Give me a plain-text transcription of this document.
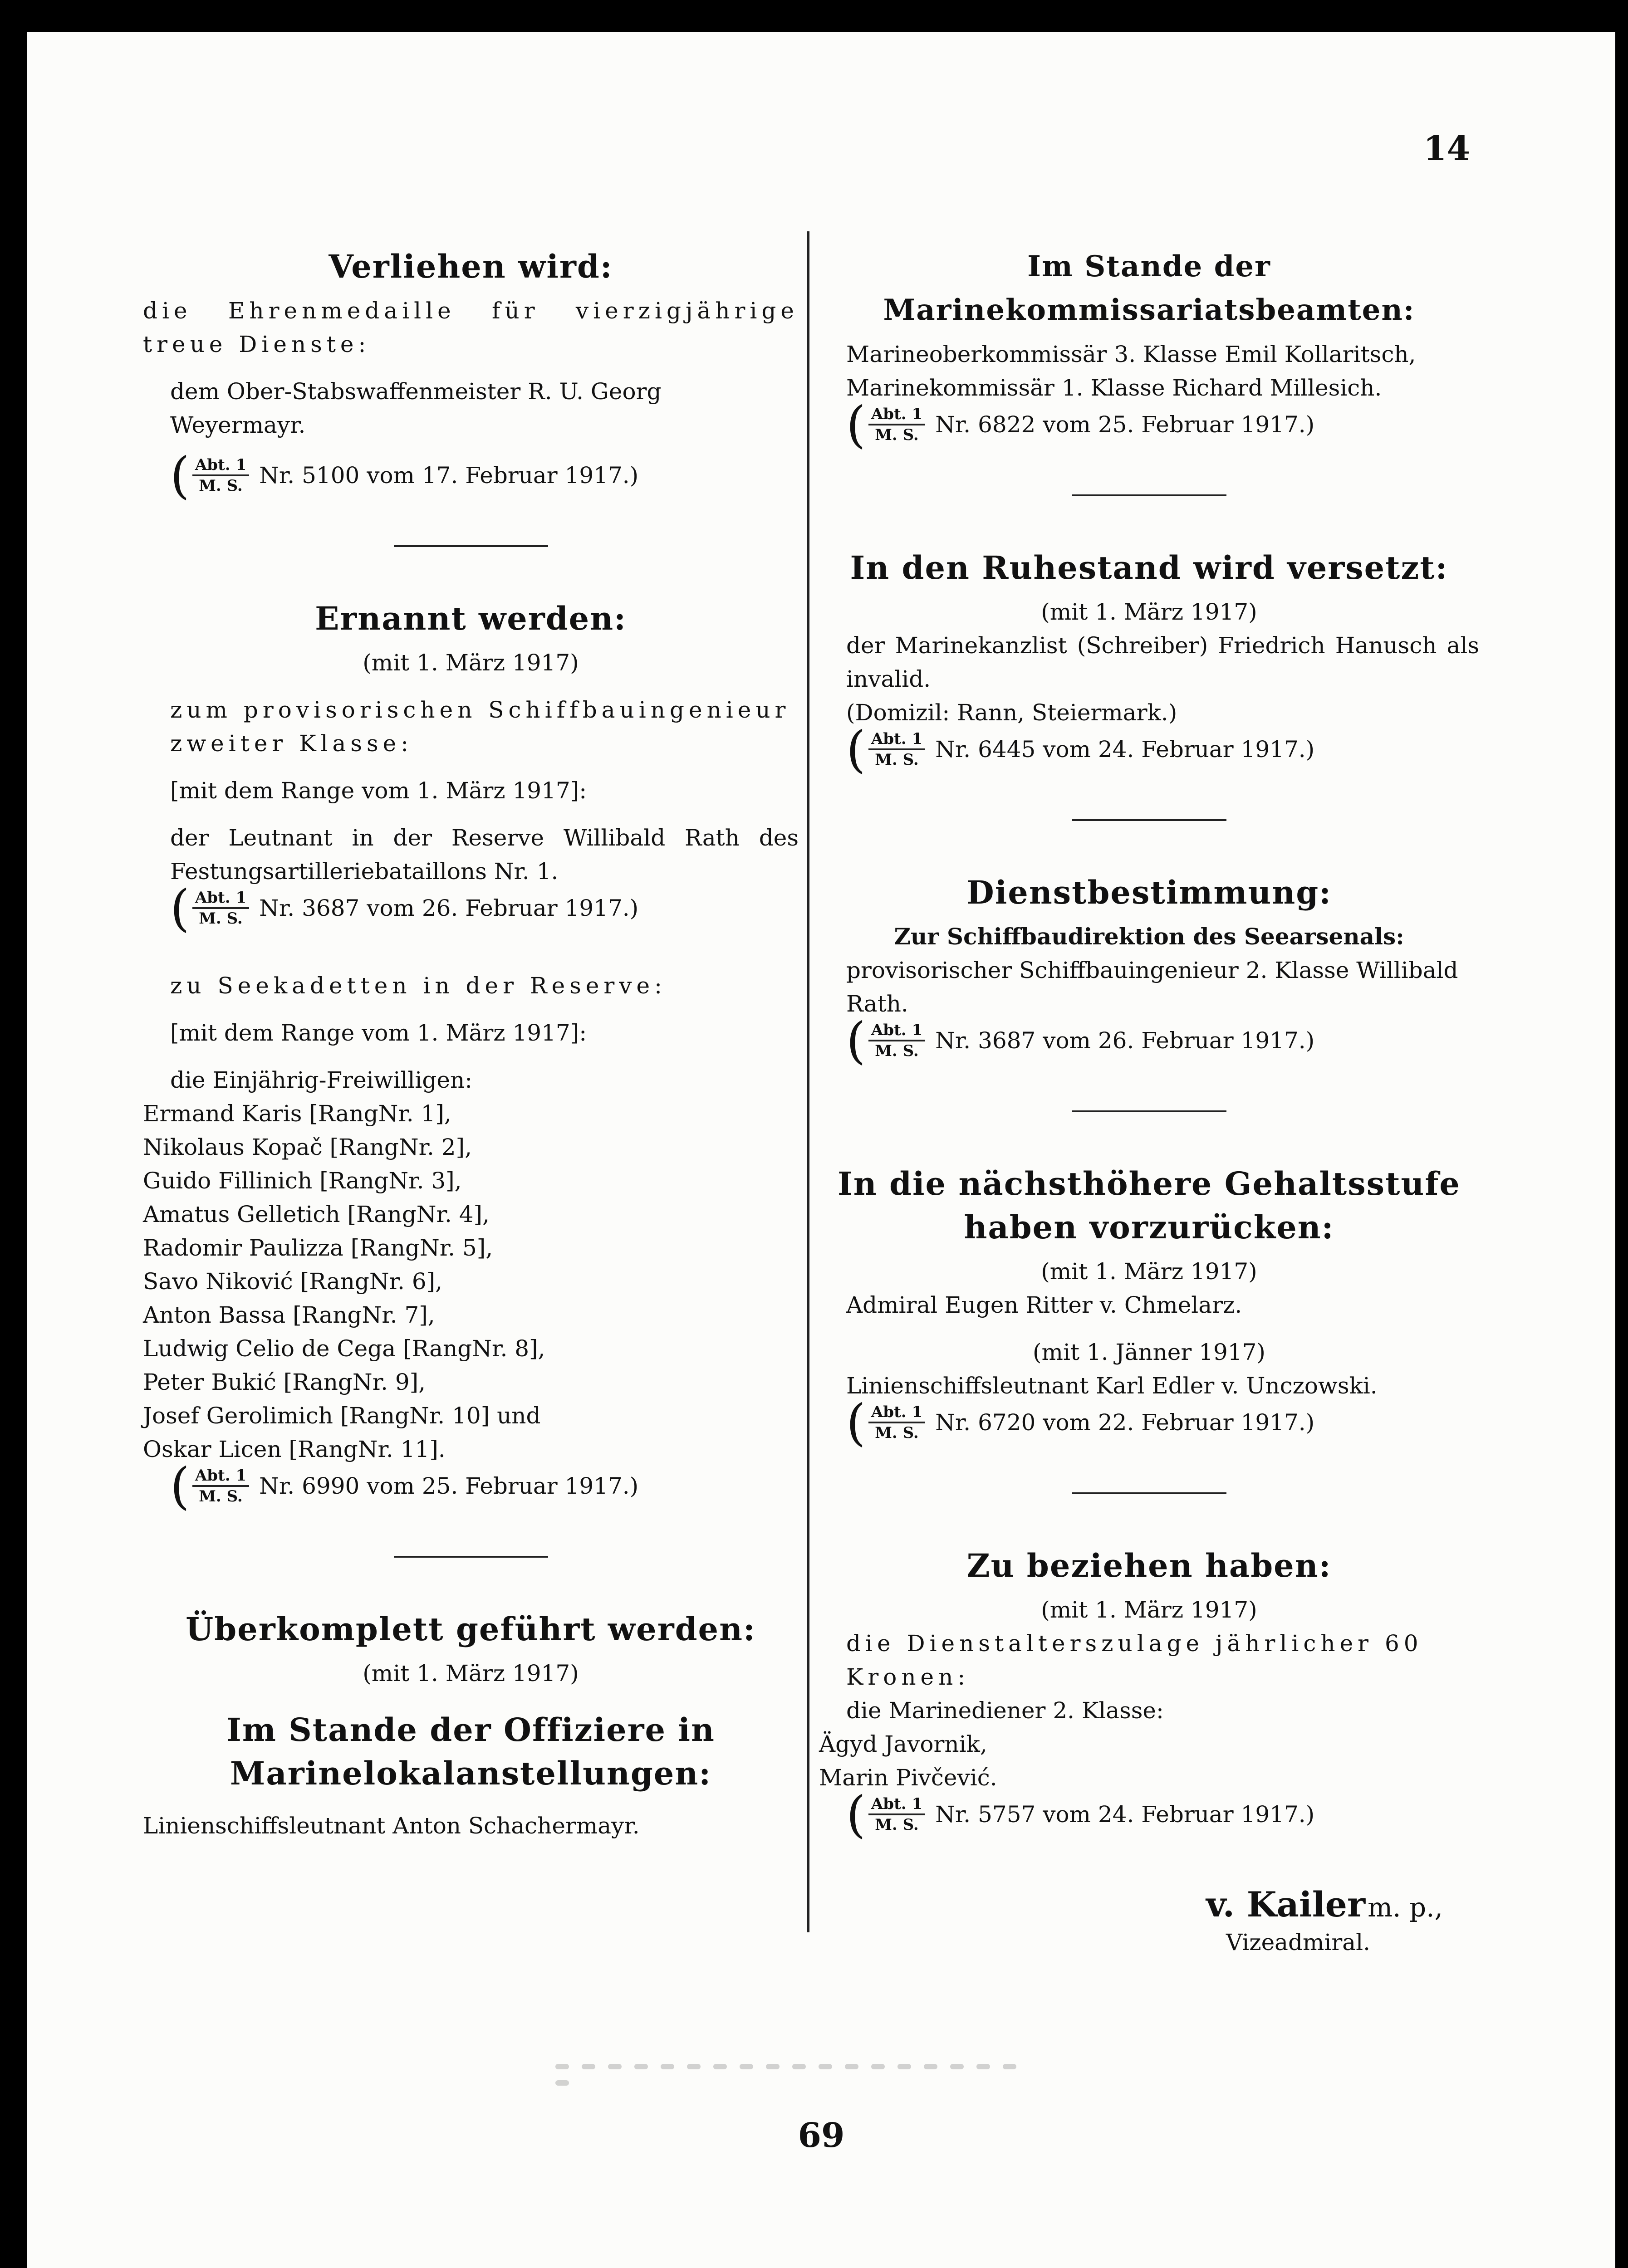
14
Verliehen wird:

die Ehrenmedaille für vierzigjährige treue Dienste:

dem Ober-Stabswaffenmeister R. U. Georg Weyermayr.

( $\frac{\text{Abt. 1}}{M. S.} Nr$. 5100 vom 17. Februar 1917.)
Ernannt werden:
(mit 1. März 1917)

zum provisorischen Schiffbauingenieur zweiter Klasse:

[mit dem Range vom 1. März 1917]:

der Leutnant in der Reserve Willibald Rath des Festungsartilleriebataillons Nr. 1.

( $\frac{\text{Abt. 1}}{M. S.} Nr$. 3687 vom 26. Februar 1917.)

zu Seekadetten in der Reserve:

[mit dem Range vom 1. März 1917]:

die Einjährig-Freiwilligen:

Ermand Karis [RangNr. 1],

Nikolaus Kopač [RangNr. 2],

Guido Fillinich [RangNr. 3],

Amatus Gelletich [RangNr. 4],

Radomir Paulizza [RangNr. 5],

Savo Niković [RangNr. 6],

Anton Bassa [RangNr. 7],

Ludwig Celio de Cega [RangNr. 8],

Peter Bukić [RangNr. 9],

Josef Gerolimich [RangNr. 10] und

Oskar Licen [RangNr. 11].

( $\frac{\text{Abt. 1}}{M. S.} Nr$. 6990 vom 25. Februar 1917.)
Überkomplett geführt werden:
(mit 1. März 1917)
Im Stande der Offiziere in Marinelokalanstellungen:

Linienschiffsleutnant Anton Schachermayr.

Im Stande der Marinekommissariatsbeamten:

Marineoberkommissär 3. Klasse Emil Kollaritsch,

Marinekommissär 1. Klasse Richard Millesich.

( $\frac{\text{Abt. 1}}{M. S.} Nr$. 6822 vom 25. Februar 1917.)
In den Ruhestand wird versetzt:
(mit 1. März 1917)

der Marinekanzlist (Schreiber) Friedrich Hanusch als invalid.

(Domizil: Rann, Steiermark.)

( $\frac{\text{Abt. 1}}{M. S.} Nr$. 6445 vom 24. Februar 1917.)
Dienstbestimmung:
Zur Schiffbaudirektion des Seearsenals:

provisorischer Schiffbauingenieur 2. Klasse Willibald Rath.

( $\frac{\text{Abt. 1}}{M. S.} Nr$. 3687 vom 26. Februar 1917.)
In die nächsthöhere Gehaltsstufe haben vorzurücken:
(mit 1. März 1917)

Admiral Eugen Ritter v. Chmelarz.

(mit 1. Jänner 1917)

Linienschiffsleutnant Karl Edler v. Unczowski.

( $\frac{\text{Abt. 1}}{M. S.} Nr$. 6720 vom 22. Februar 1917.)
Zu beziehen haben:
(mit 1. März 1917)

die Dienstalterszulage jährlicher 60 Kronen:

die Marinediener 2. Klasse:

Ägyd Javornik,

Marin Pivčević.

( $\frac{\text{Abt. 1}}{M. S.} Nr$. 5757 vom 24. Februar 1917.)
v. Kailer m. p.,
Vizeadmiral.
69
